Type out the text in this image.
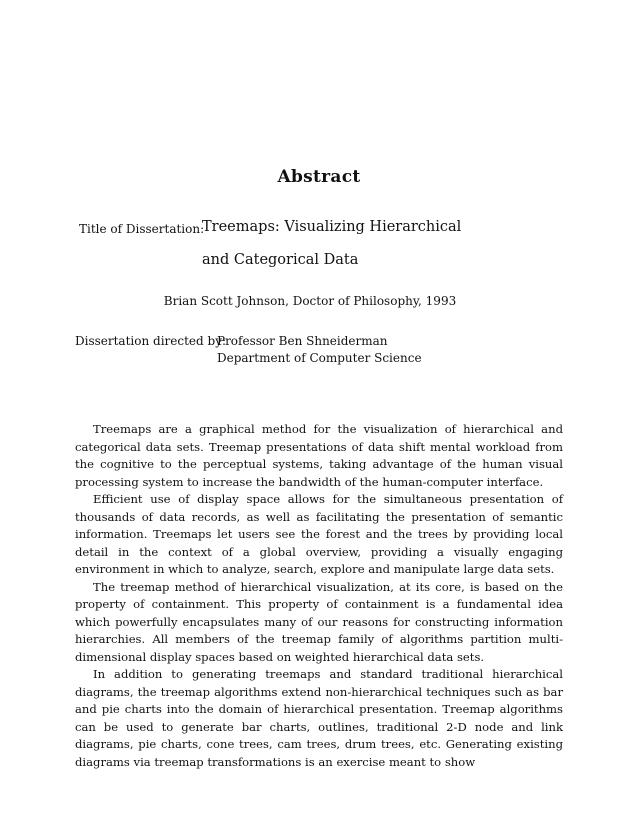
Abstract
Title of Dissertation:
Treemaps: Visualizing Hierarchical
and Categorical Data
Brian Scott Johnson, Doctor of Philosophy, 1993
Dissertation directed by:
Professor Ben Shneiderman
Department of Computer Science

Treemaps are a graphical method for the visualization of hierarchical and categorical data sets. Treemap presentations of data shift mental workload from the cognitive to the perceptual systems, taking advantage of the human visual processing system to increase the bandwidth of the human-computer interface.

Efficient use of display space allows for the simultaneous presentation of thousands of data records, as well as facilitating the presentation of semantic information. Treemaps let users see the forest and the trees by providing local detail in the context of a global overview, providing a visually engaging environment in which to analyze, search, explore and manipulate large data sets.

The treemap method of hierarchical visualization, at its core, is based on the property of containment. This property of containment is a fundamental idea which powerfully encapsulates many of our reasons for constructing information hierarchies. All members of the treemap family of algorithms partition multi-dimensional display spaces based on weighted hierarchical data sets.

In addition to generating treemaps and standard traditional hierarchical diagrams, the treemap algorithms extend non-hierarchical techniques such as bar and pie charts into the domain of hierarchical presentation. Treemap algorithms can be used to generate bar charts, outlines, traditional 2-D node and link diagrams, pie charts, cone trees, cam trees, drum trees, etc. Generating existing diagrams via treemap transformations is an exercise meant to show
